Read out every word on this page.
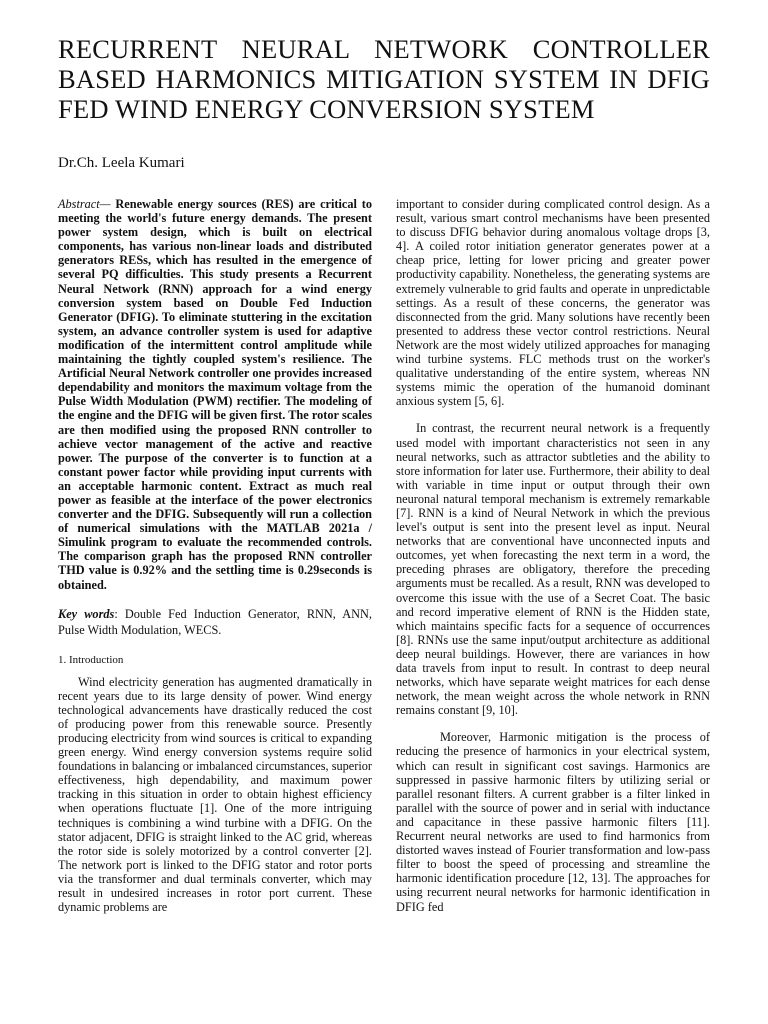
RECURRENT NEURAL NETWORK CONTROLLER BASED HARMONICS MITIGATION SYSTEM IN DFIG FED WIND ENERGY CONVERSION SYSTEM

Dr.Ch. Leela Kumari

Abstract— Renewable energy sources (RES) are critical to meeting the world's future energy demands. The present power system design, which is built on electrical components, has various non-linear loads and distributed generators RESs, which has resulted in the emergence of several PQ difficulties. This study presents a Recurrent Neural Network (RNN) approach for a wind energy conversion system based on Double Fed Induction Generator (DFIG). To eliminate stuttering in the excitation system, an advance controller system is used for adaptive modification of the intermittent control amplitude while maintaining the tightly coupled system's resilience. The Artificial Neural Network controller one provides increased dependability and monitors the maximum voltage from the Pulse Width Modulation (PWM) rectifier. The modeling of the engine and the DFIG will be given first. The rotor scales are then modified using the proposed RNN controller to achieve vector management of the active and reactive power. The purpose of the converter is to function at a constant power factor while providing input currents with an acceptable harmonic content. Extract as much real power as feasible at the interface of the power electronics converter and the DFIG. Subsequently will run a collection of numerical simulations with the MATLAB 2021a / Simulink program to evaluate the recommended controls. The comparison graph has the proposed RNN controller THD value is 0.92% and the settling time is 0.29seconds is obtained.

Key words: Double Fed Induction Generator, RNN, ANN, Pulse Width Modulation, WECS.

1. Introduction

Wind electricity generation has augmented dramatically in recent years due to its large density of power. Wind energy technological advancements have drastically reduced the cost of producing power from this renewable source. Presently producing electricity from wind sources is critical to expanding green energy. Wind energy conversion systems require solid foundations in balancing or imbalanced circumstances, superior effectiveness, high dependability, and maximum power tracking in this situation in order to obtain highest efficiency when operations fluctuate [1]. One of the more intriguing techniques is combining a wind turbine with a DFIG. On the stator adjacent, DFIG is straight linked to the AC grid, whereas the rotor side is solely motorized by a control converter [2]. The network port is linked to the DFIG stator and rotor ports via the transformer and dual terminals converter, which may result in undesired increases in rotor port current. These dynamic problems are

important to consider during complicated control design. As a result, various smart control mechanisms have been presented to discuss DFIG behavior during anomalous voltage drops [3, 4]. A coiled rotor initiation generator generates power at a cheap price, letting for lower pricing and greater power productivity capability. Nonetheless, the generating systems are extremely vulnerable to grid faults and operate in unpredictable settings. As a result of these concerns, the generator was disconnected from the grid. Many solutions have recently been presented to address these vector control restrictions. Neural Network are the most widely utilized approaches for managing wind turbine systems. FLC methods trust on the worker's qualitative understanding of the entire system, whereas NN systems mimic the operation of the humanoid dominant anxious system [5, 6].

In contrast, the recurrent neural network is a frequently used model with important characteristics not seen in any neural networks, such as attractor subtleties and the ability to store information for later use. Furthermore, their ability to deal with variable in time input or output through their own neuronal natural temporal mechanism is extremely remarkable [7]. RNN is a kind of Neural Network in which the previous level's output is sent into the present level as input. Neural networks that are conventional have unconnected inputs and outcomes, yet when forecasting the next term in a word, the preceding phrases are obligatory, therefore the preceding arguments must be recalled. As a result, RNN was developed to overcome this issue with the use of a Secret Coat. The basic and record imperative element of RNN is the Hidden state, which maintains specific facts for a sequence of occurrences [8]. RNNs use the same input/output architecture as additional deep neural buildings. However, there are variances in how data travels from input to result. In contrast to deep neural networks, which have separate weight matrices for each dense network, the mean weight across the whole network in RNN remains constant [9, 10].

Moreover, Harmonic mitigation is the process of reducing the presence of harmonics in your electrical system, which can result in significant cost savings. Harmonics are suppressed in passive harmonic filters by utilizing serial or parallel resonant filters. A current grabber is a filter linked in parallel with the source of power and in serial with inductance and capacitance in these passive harmonic filters [11]. Recurrent neural networks are used to find harmonics from distorted waves instead of Fourier transformation and low-pass filter to boost the speed of processing and streamline the harmonic identification procedure [12, 13]. The approaches for using recurrent neural networks for harmonic identification in DFIG fed
